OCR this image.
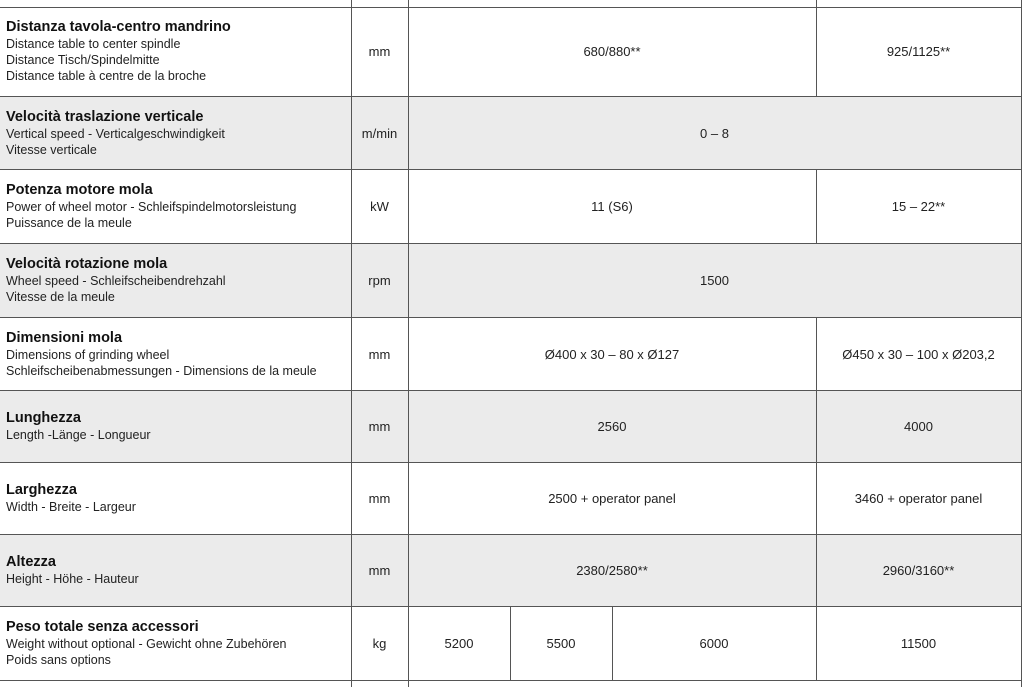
Distanza tavola-centro mandrino
Distance table to center spindle
Distance Tisch/Spindelmitte
Distance table à centre de la broche
mm	680/880**	925/1125**
Velocità traslazione verticale
Vertical speed - Verticalgeschwindigkeit
Vitesse verticale
m/min	0 – 8
Potenza motore mola
Power of wheel motor - Schleifspindelmotorsleistung
Puissance de la meule
kW	11 (S6)	15 – 22**
Velocità rotazione mola
Wheel speed - Schleifscheibendrehzahl
Vitesse de la meule
rpm	1500
Dimensioni mola
Dimensions of grinding wheel
Schleifscheibenabmessungen - Dimensions de la meule
mm	Ø400 x 30 – 80 x Ø127	Ø450 x 30 – 100 x Ø203,2
Lunghezza
Length -Länge - Longueur
mm	2560	4000
Larghezza
Width - Breite - Largeur
mm	2500 + operator panel	3460 + operator panel
Altezza
Height - Höhe - Hauteur
mm	2380/2580**	2960/3160**
Peso totale senza accessori
Weight without optional - Gewicht ohne Zubehören
Poids sans options
kg	5200	5500	6000	11500
